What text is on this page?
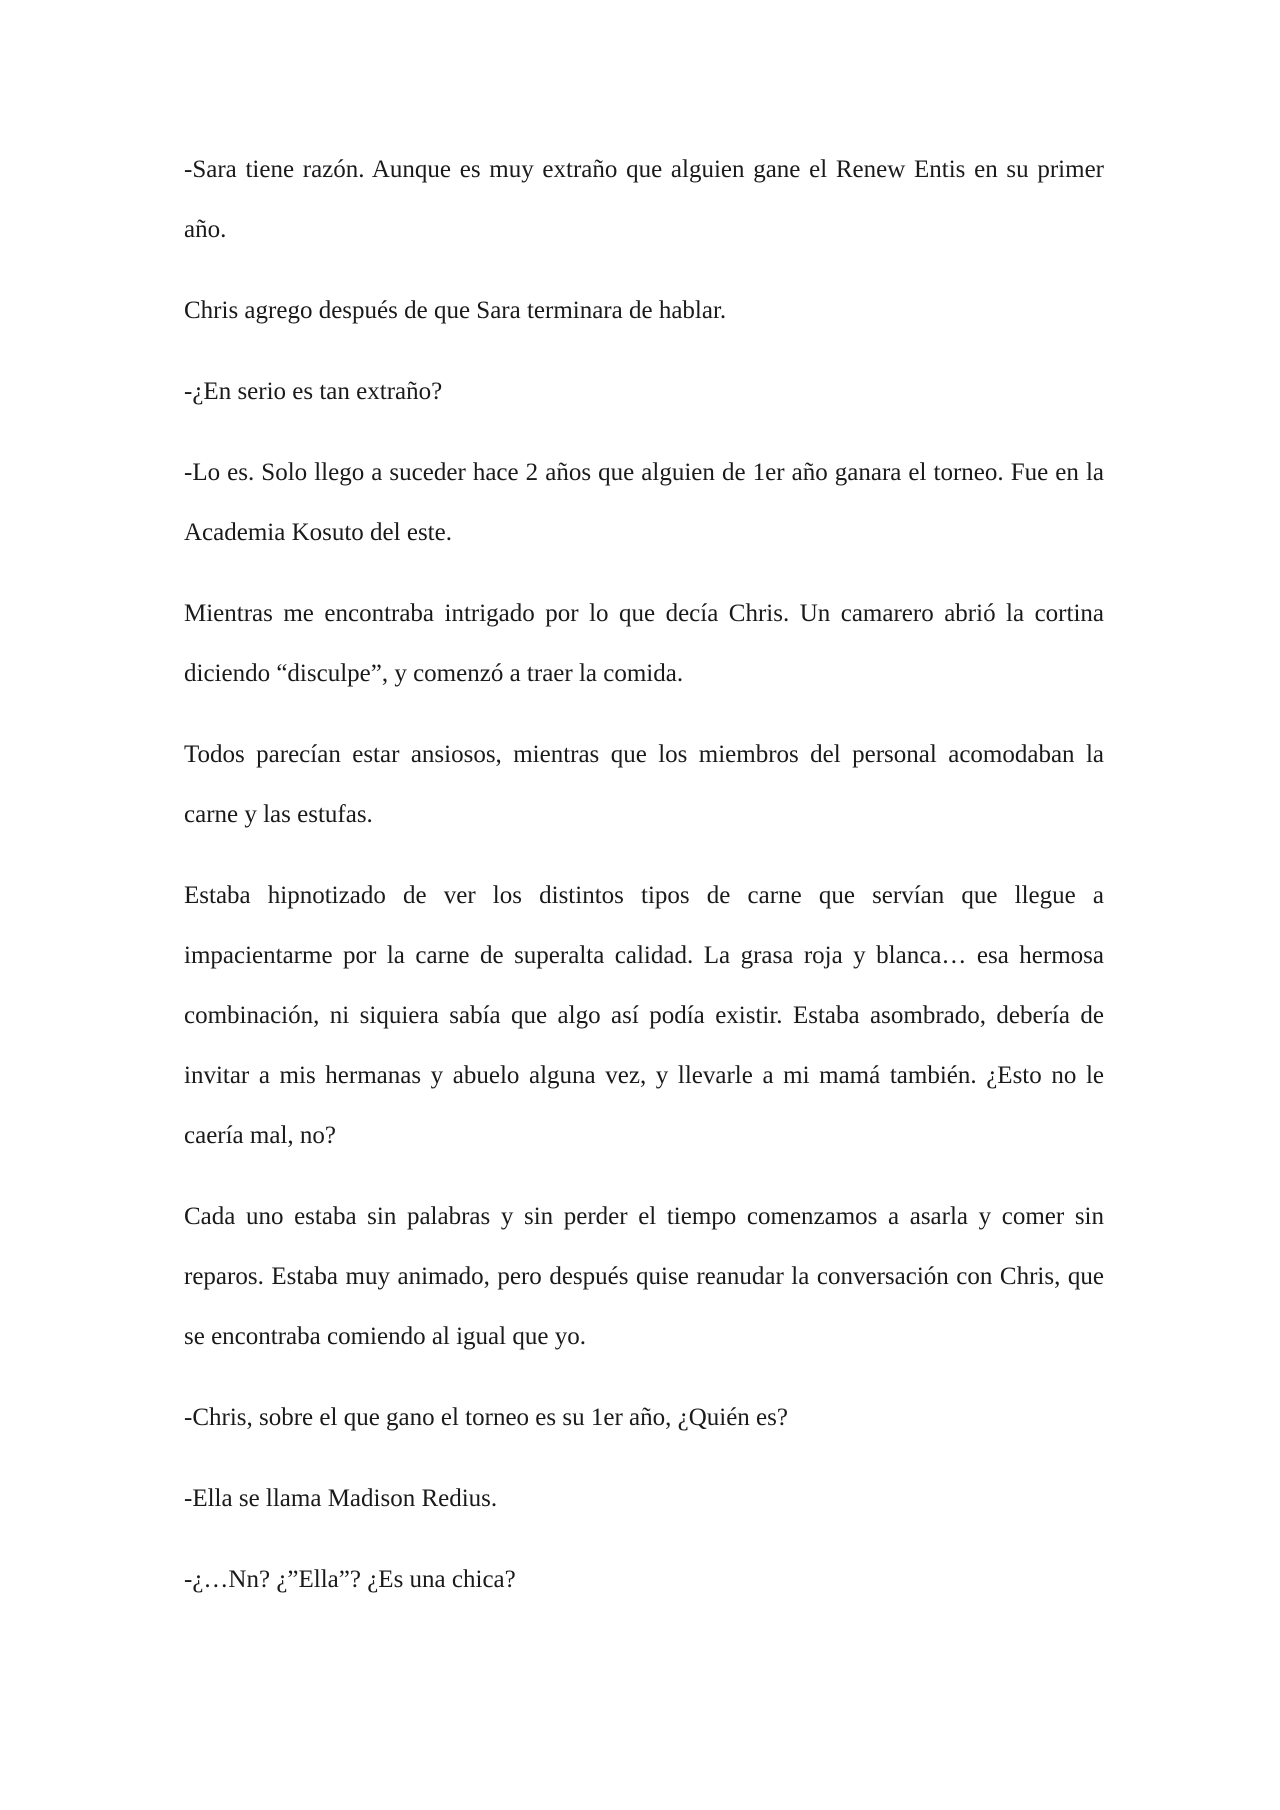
-Sara tiene razón. Aunque es muy extraño que alguien gane el Renew Entis en su primer año.

Chris agrego después de que Sara terminara de hablar.

-¿En serio es tan extraño?

-Lo es. Solo llego a suceder hace 2 años que alguien de 1er año ganara el torneo. Fue en la Academia Kosuto del este.

Mientras me encontraba intrigado por lo que decía Chris. Un camarero abrió la cortina diciendo “disculpe”, y comenzó a traer la comida.

Todos parecían estar ansiosos, mientras que los miembros del personal acomodaban la carne y las estufas.

Estaba hipnotizado de ver los distintos tipos de carne que servían que llegue a impacientarme por la carne de superalta calidad. La grasa roja y blanca… esa hermosa combinación, ni siquiera sabía que algo así podía existir. Estaba asombrado, debería de invitar a mis hermanas y abuelo alguna vez, y llevarle a mi mamá también. ¿Esto no le caería mal, no?

Cada uno estaba sin palabras y sin perder el tiempo comenzamos a asarla y comer sin reparos. Estaba muy animado, pero después quise reanudar la conversación con Chris, que se encontraba comiendo al igual que yo.

-Chris, sobre el que gano el torneo es su 1er año, ¿Quién es?

-Ella se llama Madison Redius.

-¿…Nn? ¿”Ella”? ¿Es una chica?
